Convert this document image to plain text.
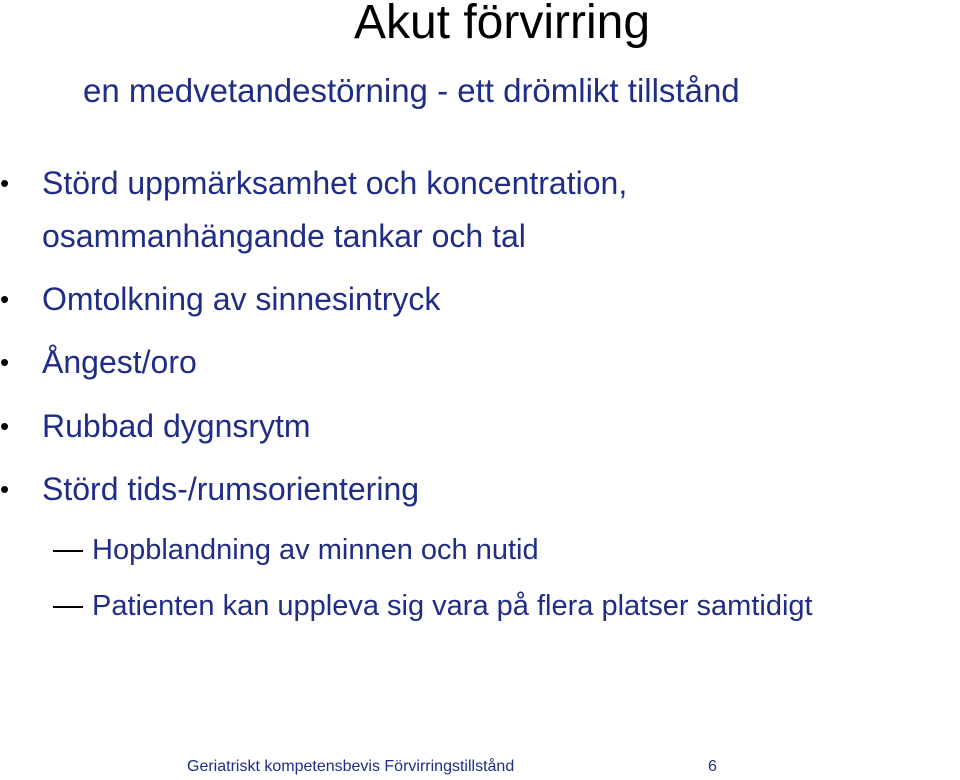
Akut förvirring
en medvetandestörning - ett drömlikt tillstånd
•	Störd uppmärksamhet och koncentration,
osammanhängande tankar och tal
•	Omtolkning av sinnesintryck
•	Ångest/oro
•	Rubbad dygnsrytm
•	Störd tids-/rumsorientering
Hopblandning av minnen och nutid
Patienten kan uppleva sig vara på flera platser samtidigt
Geriatriskt kompetensbevis Förvirringstillstånd	6
